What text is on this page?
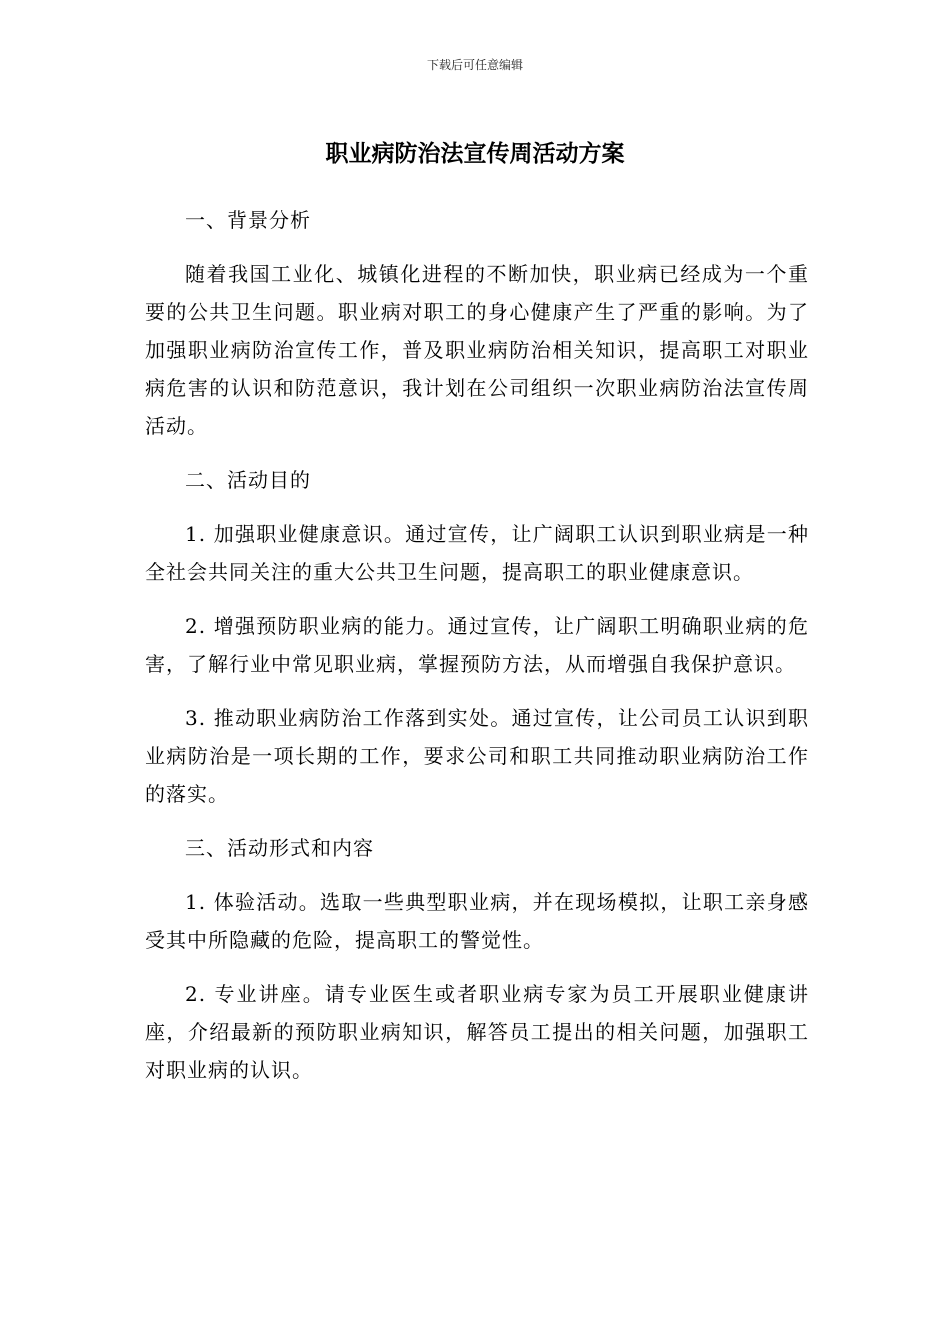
下载后可任意编辑
职业病防治法宣传周活动方案

一、背景分析

随着我国工业化、城镇化进程的不断加快，职业病已经成为一个重要的公共卫生问题。职业病对职工的身心健康产生了严重的影响。为了加强职业病防治宣传工作，普及职业病防治相关知识，提高职工对职业病危害的认识和防范意识，我计划在公司组织一次职业病防治法宣传周活动。

二、活动目的

1. 加强职业健康意识。通过宣传，让广阔职工认识到职业病是一种全社会共同关注的重大公共卫生问题，提高职工的职业健康意识。

2. 增强预防职业病的能力。通过宣传，让广阔职工明确职业病的危害，了解行业中常见职业病，掌握预防方法，从而增强自我保护意识。

3. 推动职业病防治工作落到实处。通过宣传，让公司员工认识到职业病防治是一项长期的工作，要求公司和职工共同推动职业病防治工作的落实。

三、活动形式和内容

1. 体验活动。选取一些典型职业病，并在现场模拟，让职工亲身感受其中所隐藏的危险，提高职工的警觉性。

2. 专业讲座。请专业医生或者职业病专家为员工开展职业健康讲座，介绍最新的预防职业病知识，解答员工提出的相关问题，加强职工对职业病的认识。
